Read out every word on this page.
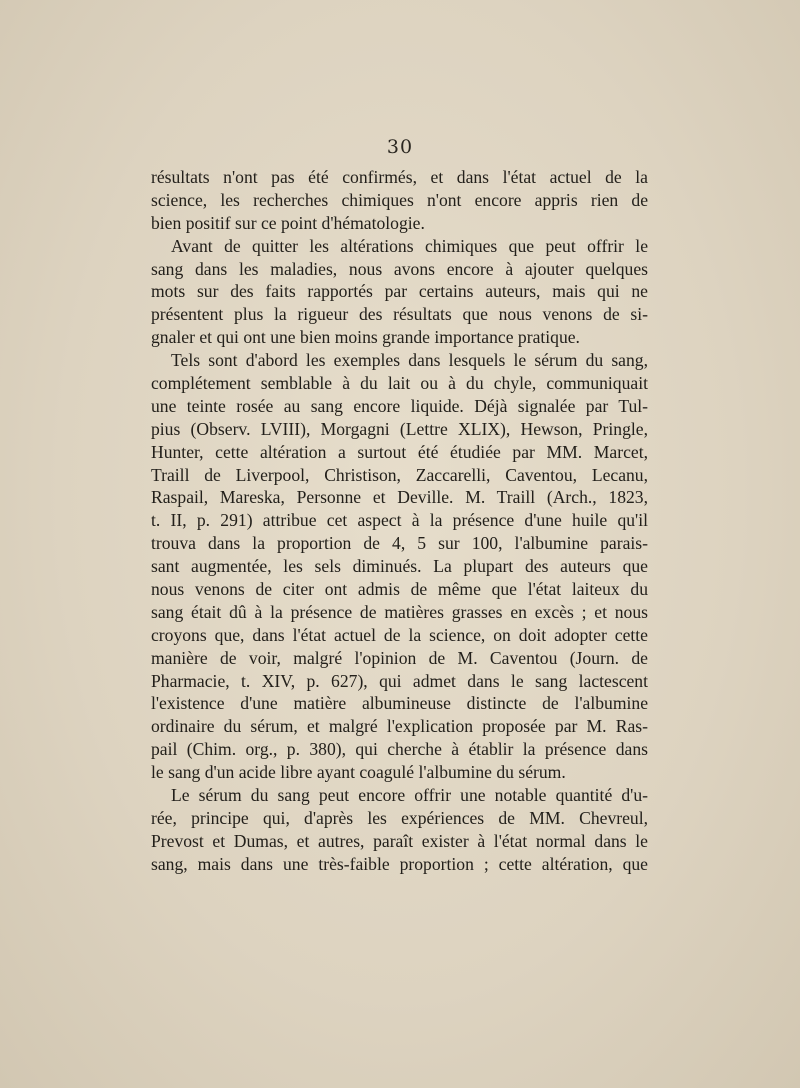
30
résultats n'ont pas été confirmés, et dans l'état actuel de la
science, les recherches chimiques n'ont encore appris rien de
bien positif sur ce point d'hématologie.
Avant de quitter les altérations chimiques que peut offrir le
sang dans les maladies, nous avons encore à ajouter quelques
mots sur des faits rapportés par certains auteurs, mais qui ne
présentent plus la rigueur des résultats que nous venons de si-
gnaler et qui ont une bien moins grande importance pratique.
Tels sont d'abord les exemples dans lesquels le sérum du sang,
complétement semblable à du lait ou à du chyle, communiquait
une teinte rosée au sang encore liquide. Déjà signalée par Tul-
pius (Observ. LVIII), Morgagni (Lettre XLIX), Hewson, Pringle,
Hunter, cette altération a surtout été étudiée par MM. Marcet,
Traill de Liverpool, Christison, Zaccarelli, Caventou, Lecanu,
Raspail, Mareska, Personne et Deville. M. Traill (Arch., 1823,
t. II, p. 291) attribue cet aspect à la présence d'une huile qu'il
trouva dans la proportion de 4, 5 sur 100, l'albumine parais-
sant augmentée, les sels diminués. La plupart des auteurs que
nous venons de citer ont admis de même que l'état laiteux du
sang était dû à la présence de matières grasses en excès ; et nous
croyons que, dans l'état actuel de la science, on doit adopter cette
manière de voir, malgré l'opinion de M. Caventou (Journ. de
Pharmacie, t. XIV, p. 627), qui admet dans le sang lactescent
l'existence d'une matière albumineuse distincte de l'albumine
ordinaire du sérum, et malgré l'explication proposée par M. Ras-
pail (Chim. org., p. 380), qui cherche à établir la présence dans
le sang d'un acide libre ayant coagulé l'albumine du sérum.
Le sérum du sang peut encore offrir une notable quantité d'u-
rée, principe qui, d'après les expériences de MM. Chevreul,
Prevost et Dumas, et autres, paraît exister à l'état normal dans le
sang, mais dans une très-faible proportion ; cette altération, que
